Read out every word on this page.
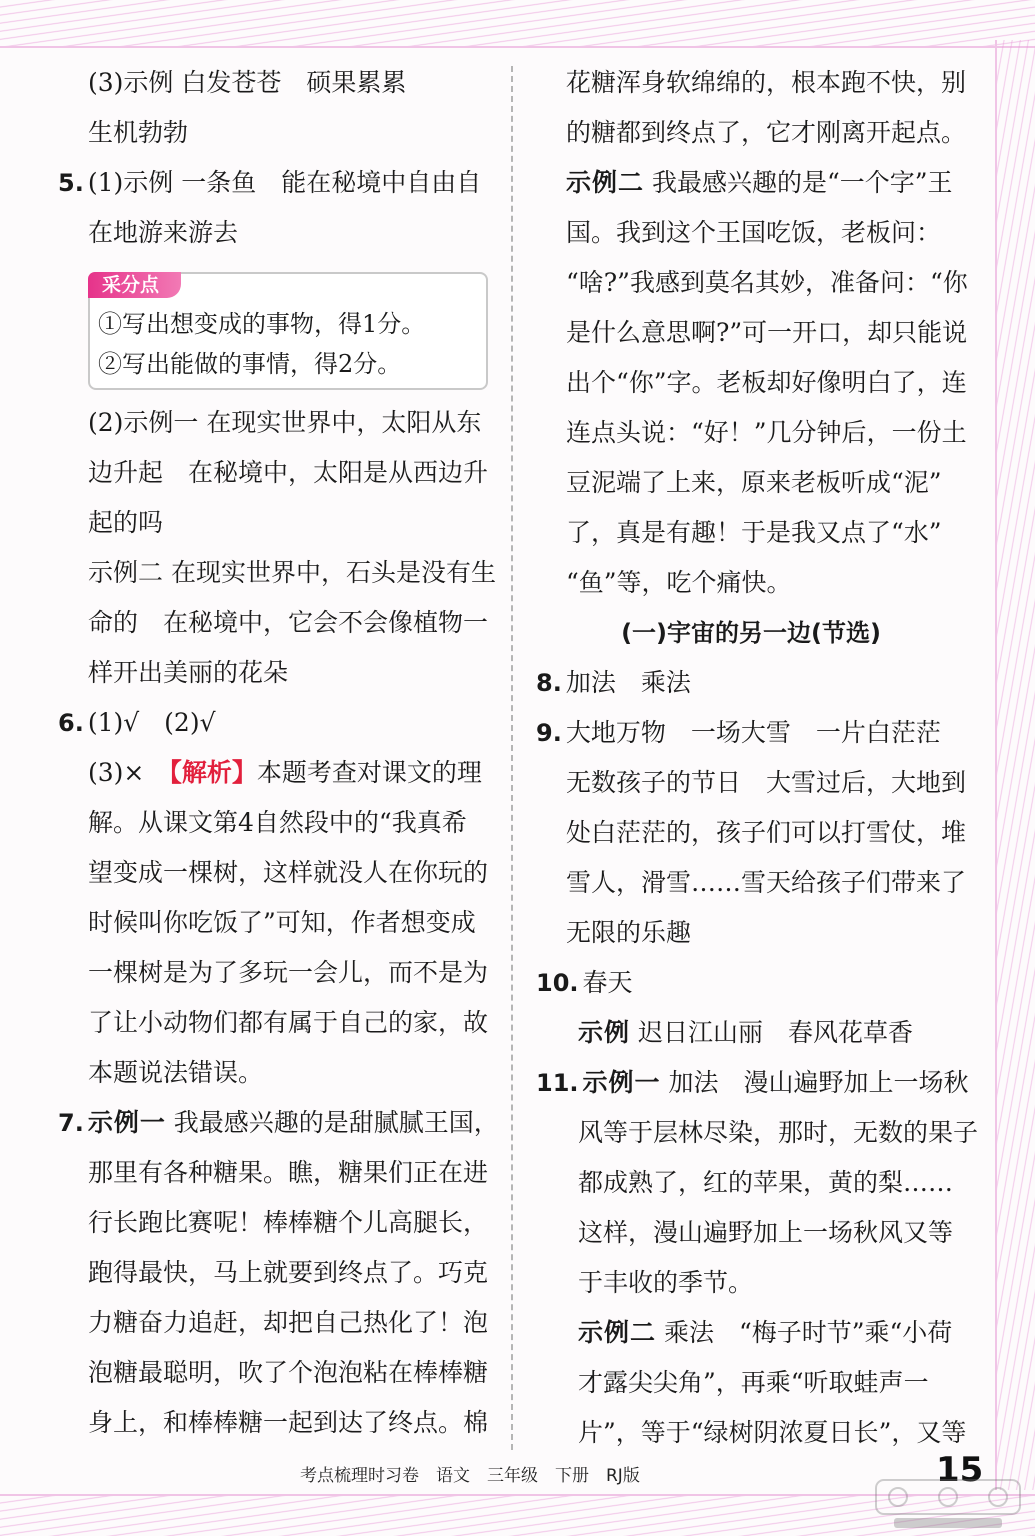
(3)示例 白发苍苍　硕果累累
生机勃勃
5. (1)示例 一条鱼　能在秘境中自由自
在地游来游去
采分点
①写出想变成的事物，得1分。
②写出能做的事情，得2分。
(2)示例一 在现实世界中，太阳从东
边升起　在秘境中，太阳是从西边升
起的吗
示例二 在现实世界中，石头是没有生
命的　在秘境中，它会不会像植物一
样开出美丽的花朵
6. (1)√　(2)√
(3)×　【解析】本题考查对课文的理
解。从课文第4自然段中的“我真希
望变成一棵树，这样就没人在你玩的
时候叫你吃饭了”可知，作者想变成
一棵树是为了多玩一会儿，而不是为
了让小动物们都有属于自己的家，故
本题说法错误。
7. 示例一 我最感兴趣的是甜腻腻王国，
那里有各种糖果。瞧，糖果们正在进
行长跑比赛呢！棒棒糖个儿高腿长，
跑得最快，马上就要到终点了。巧克
力糖奋力追赶，却把自己热化了！泡
泡糖最聪明，吹了个泡泡粘在棒棒糖
身上，和棒棒糖一起到达了终点。棉
花糖浑身软绵绵的，根本跑不快，别
的糖都到终点了，它才刚离开起点。
示例二 我最感兴趣的是“一个字”王
国。我到这个王国吃饭，老板问：
“啥?”我感到莫名其妙，准备问：“你
是什么意思啊?”可一开口，却只能说
出个“你”字。老板却好像明白了，连
连点头说：“好！”几分钟后，一份土
豆泥端了上来，原来老板听成“泥”
了，真是有趣！于是我又点了“水”
“鱼”等，吃个痛快。
(一)宇宙的另一边(节选)
8. 加法　乘法
9. 大地万物　一场大雪　一片白茫茫
无数孩子的节日　大雪过后，大地到
处白茫茫的，孩子们可以打雪仗，堆
雪人，滑雪……雪天给孩子们带来了
无限的乐趣
10. 春天
示例 迟日江山丽　春风花草香
11. 示例一 加法　漫山遍野加上一场秋
风等于层林尽染，那时，无数的果子
都成熟了，红的苹果，黄的梨……
这样，漫山遍野加上一场秋风又等
于丰收的季节。
示例二 乘法　“梅子时节”乘“小荷
才露尖尖角”，再乘“听取蛙声一
片”，等于“绿树阴浓夏日长”，又等
考点梳理时习卷　语文　三年级　下册　RJ版	15
